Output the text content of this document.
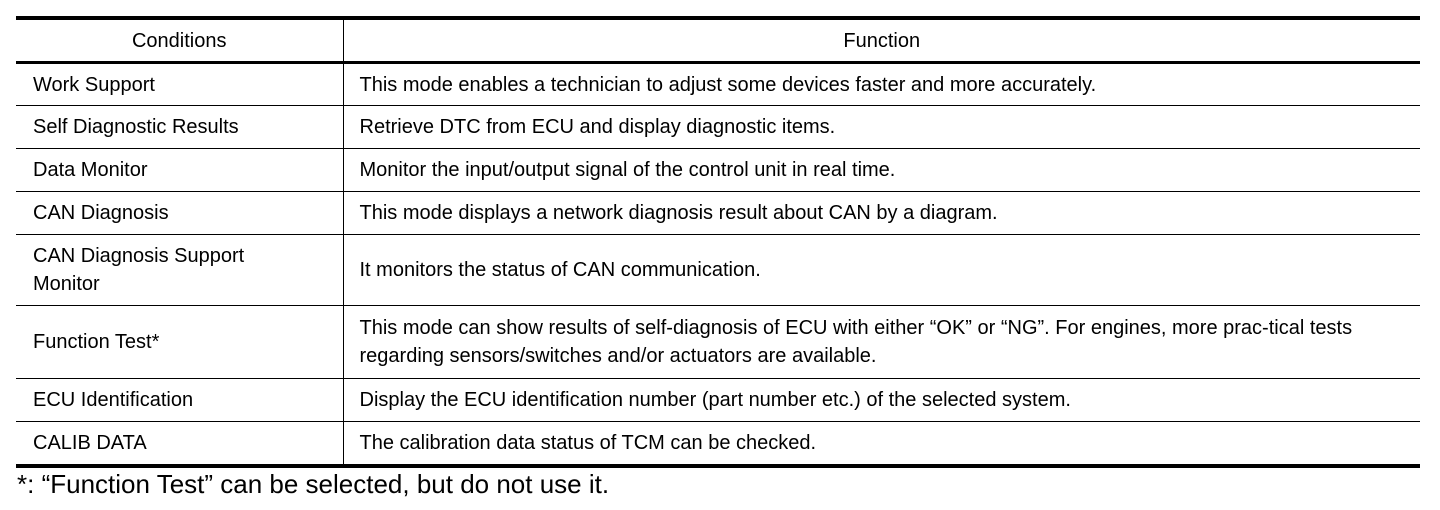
Conditions	Function
Work Support	This mode enables a technician to adjust some devices faster and more accurately.
Self Diagnostic Results	Retrieve DTC from ECU and display diagnostic items.
Data Monitor	Monitor the input/output signal of the control unit in real time.
CAN Diagnosis	This mode displays a network diagnosis result about CAN by a diagram.
CAN Diagnosis Support Monitor	It monitors the status of CAN communication.
Function Test*	This mode can show results of self-diagnosis of ECU with either “OK” or “NG”. For engines, more prac-tical tests regarding sensors/switches and/or actuators are available.
ECU Identification	Display the ECU identification number (part number etc.) of the selected system.
CALIB DATA	The calibration data status of TCM can be checked.
*: “Function Test” can be selected, but do not use it.
